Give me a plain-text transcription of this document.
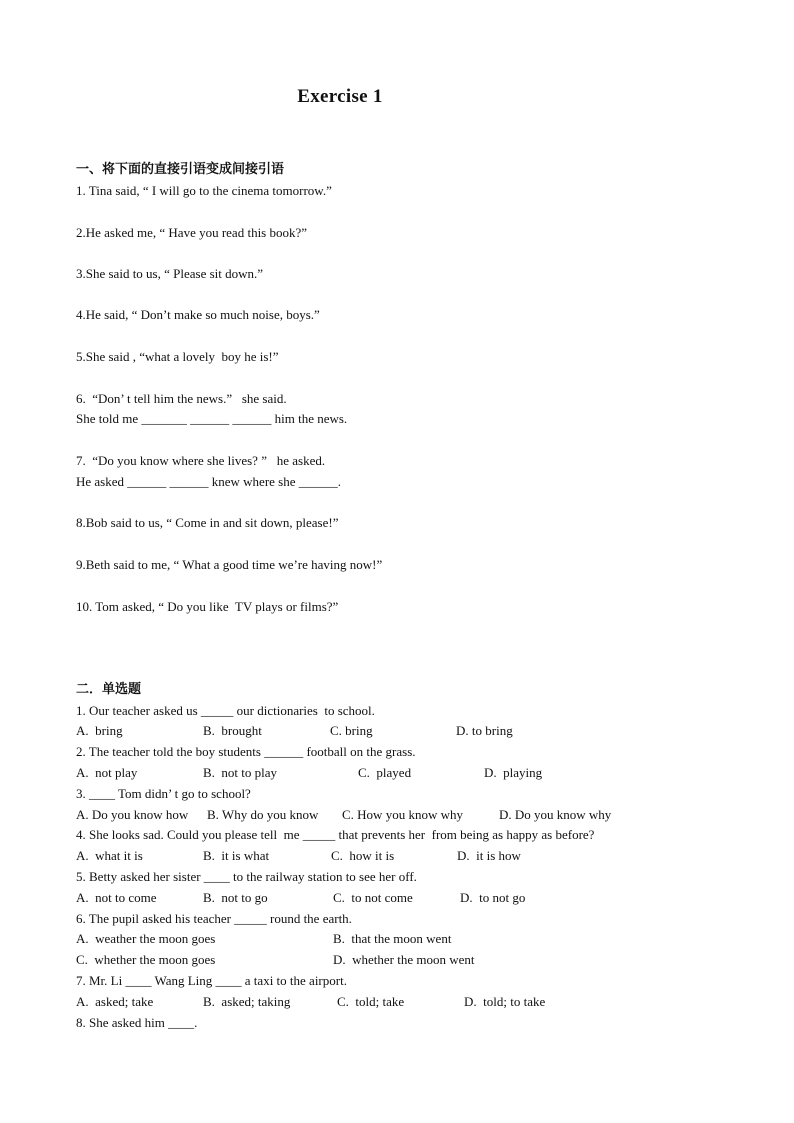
Exercise 1
一、将下面的直接引语变成间接引语
1. Tina said, “ I will go to the cinema tomorrow.”
2.He asked me, “ Have you read this book?”
3.She said to us, “ Please sit down.”
4.He said, “ Don’t make so much noise, boys.”
5.She said , “what a lovely  boy he is!”
6.  “Don’ t tell him the news.”   she said.
She told me _______ ______ ______ him the news.
7.  “Do you know where she lives? ”   he asked.
He asked ______ ______ knew where she ______.
8.Bob said to us, “ Come in and sit down, please!”
9.Beth said to me, “ What a good time we’re having now!”
10. Tom asked, “ Do you like  TV plays or films?”
二．单选题
1. Our teacher asked us _____ our dictionaries  to school.
A.  bring	B.  brought	C. bring	D. to bring
2. The teacher told the boy students ______ football on the grass.
A.  not play	B.  not to play	C.  played	D.  playing
3. ____ Tom didn’ t go to school?
A. Do you know how B. Why do you know C. How you know why	D. Do you know why
4. She looks sad. Could you please tell  me _____ that prevents her  from being as happy as before?
A.  what it is	B.  it is what	C.  how it is	D.  it is how
5. Betty asked her sister ____ to the railway station to see her off.
A.  not to come	B.  not to go	C.  to not come	D.  to not go
6. The pupil asked his teacher _____ round the earth.
A.  weather the moon goes	B.  that the moon went
C.  whether the moon goes	D.  whether the moon went
7. Mr. Li ____ Wang Ling ____ a taxi to the airport.
A.  asked; take	B.  asked; taking	C.  told; take	D.  told; to take
8. She asked him ____.
